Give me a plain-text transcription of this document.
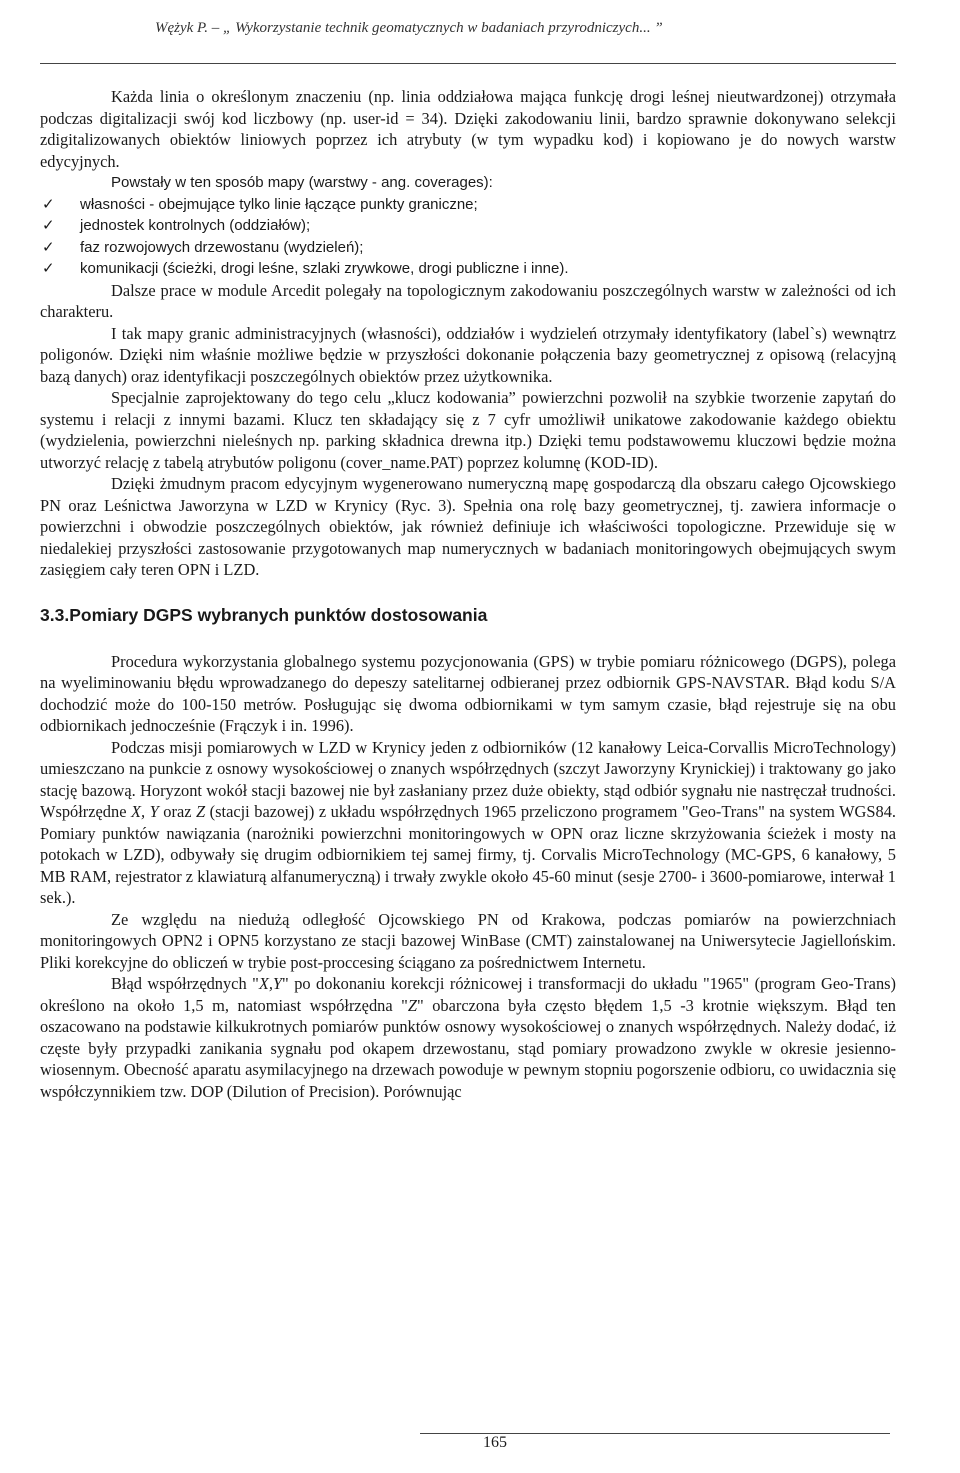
Wężyk P. – „ Wykorzystanie technik geomatycznych w badaniach przyrodniczych... ”

Każda linia o określonym znaczeniu (np. linia oddziałowa mająca funkcję drogi leśnej nieutwardzonej) otrzymała podczas digitalizacji swój kod liczbowy (np. user-id = 34). Dzięki zakodowaniu linii, bardzo sprawnie dokonywano selekcji zdigitalizowanych obiektów liniowych poprzez ich atrybuty (w tym wypadku kod) i kopiowano je do nowych warstw edycyjnych.

Powstały w ten sposób mapy (warstwy - ang. coverages):

✓ własności - obejmujące tylko linie łączące punkty graniczne;
✓ jednostek kontrolnych (oddziałów);
✓ faz rozwojowych drzewostanu (wydzieleń);
✓ komunikacji (ścieżki, drogi leśne, szlaki zrywkowe, drogi publiczne i inne).

Dalsze prace w module Arcedit polegały na topologicznym zakodowaniu poszczególnych warstw w zależności od ich charakteru.

I tak mapy granic administracyjnych (własności), oddziałów i wydzieleń otrzymały identyfikatory (label`s) wewnątrz poligonów. Dzięki nim właśnie możliwe będzie w przyszłości dokonanie połączenia bazy geometrycznej z opisową (relacyjną bazą danych) oraz identyfikacji poszczególnych obiektów przez użytkownika.

Specjalnie zaprojektowany do tego celu „klucz kodowania” powierzchni pozwolił na szybkie tworzenie zapytań do systemu i relacji z innymi bazami. Klucz ten składający się z 7 cyfr umożliwił unikatowe zakodowanie każdego obiektu (wydzielenia, powierzchni nieleśnych np. parking składnica drewna itp.) Dzięki temu podstawowemu kluczowi będzie można utworzyć relację z tabelą atrybutów poligonu (cover_name.PAT) poprzez kolumnę (KOD-ID).

Dzięki żmudnym pracom edycyjnym wygenerowano numeryczną mapę gospodarczą dla obszaru całego Ojcowskiego PN oraz Leśnictwa Jaworzyna w LZD w Krynicy (Ryc. 3). Spełnia ona rolę bazy geometrycznej, tj. zawiera informacje o powierzchni i obwodzie poszczególnych obiektów, jak również definiuje ich właściwości topologiczne. Przewiduje się w niedalekiej przyszłości zastosowanie przygotowanych map numerycznych w badaniach monitoringowych obejmujących swym zasięgiem cały teren OPN i LZD.

3.3.Pomiary DGPS wybranych punktów dostosowania

Procedura wykorzystania globalnego systemu pozycjonowania (GPS) w trybie pomiaru różnicowego (DGPS), polega na wyeliminowaniu błędu wprowadzanego do depeszy satelitarnej odbieranej przez odbiornik GPS-NAVSTAR. Błąd kodu S/A dochodzić może do 100-150 metrów. Posługując się dwoma odbiornikami w tym samym czasie, błąd rejestruje się na obu odbiornikach jednocześnie (Frączyk i in. 1996).

Podczas misji pomiarowych w LZD w Krynicy jeden z odbiorników (12 kanałowy Leica-Corvallis MicroTechnology) umieszczano na punkcie z osnowy wysokościowej o znanych współrzędnych (szczyt Jaworzyny Krynickiej) i traktowany go jako stację bazową. Horyzont wokół stacji bazowej nie był zasłaniany przez duże obiekty, stąd odbiór sygnału nie nastręczał trudności. Współrzędne X, Y oraz Z (stacji bazowej) z układu współrzędnych 1965 przeliczono programem "Geo-Trans" na system WGS84. Pomiary punktów nawiązania (narożniki powierzchni monitoringowych w OPN oraz liczne skrzyżowania ścieżek i mosty na potokach w LZD), odbywały się drugim odbiornikiem tej samej firmy, tj. Corvalis MicroTechnology (MC-GPS, 6 kanałowy, 5 MB RAM, rejestrator z klawiaturą alfanumeryczną) i trwały zwykle około 45-60 minut (sesje 2700- i 3600-pomiarowe, interwał 1 sek.).

Ze względu na niedużą odległość Ojcowskiego PN od Krakowa, podczas pomiarów na powierzchniach monitoringowych OPN2 i OPN5 korzystano ze stacji bazowej WinBase (CMT) zainstalowanej na Uniwersytecie Jagiellońskim. Pliki korekcyjne do obliczeń w trybie post-proccesing ściągano za pośrednictwem Internetu.

Błąd współrzędnych "X,Y" po dokonaniu korekcji różnicowej i transformacji do układu "1965" (program Geo-Trans) określono na około 1,5 m, natomiast współrzędna "Z" obarczona była często błędem 1,5 -3 krotnie większym. Błąd ten oszacowano na podstawie kilkukrotnych pomiarów punktów osnowy wysokościowej o znanych współrzędnych. Należy dodać, iż częste były przypadki zanikania sygnału pod okapem drzewostanu, stąd pomiary prowadzono zwykle w okresie jesienno-wiosennym. Obecność aparatu asymilacyjnego na drzewach powoduje w pewnym stopniu pogorszenie odbioru, co uwidacznia się współczynnikiem tzw. DOP (Dilution of Precision). Porównując

165
